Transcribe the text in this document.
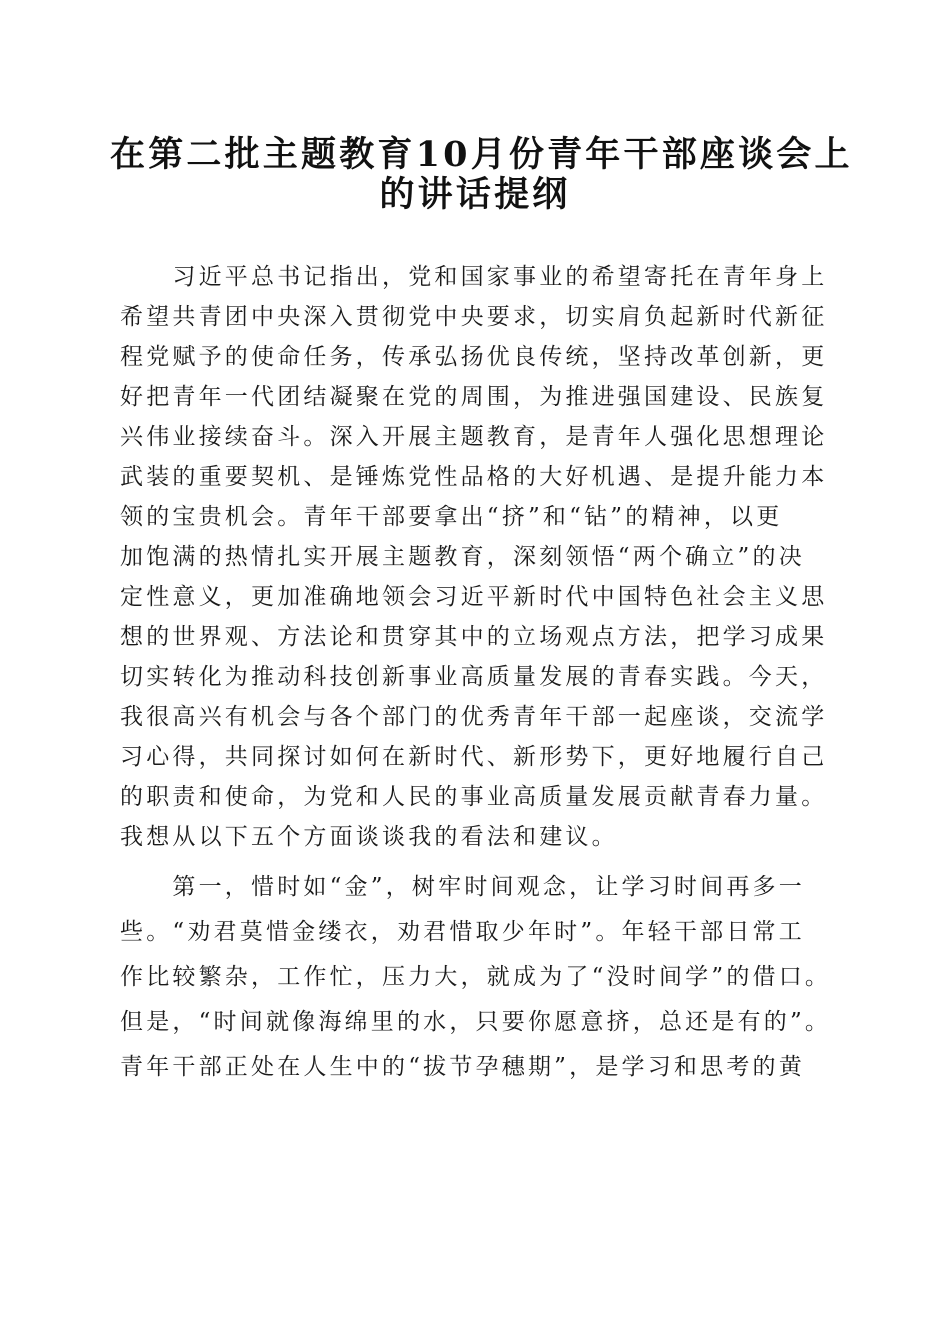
在第二批主题教育10月份青年干部座谈会上
的讲话提纲
　　习近平总书记指出，党和国家事业的希望寄托在青年身上
希望共青团中央深入贯彻党中央要求，切实肩负起新时代新征
程党赋予的使命任务，传承弘扬优良传统，坚持改革创新，更
好把青年一代团结凝聚在党的周围，为推进强国建设、民族复
兴伟业接续奋斗。深入开展主题教育，是青年人强化思想理论
武装的重要契机、是锤炼党性品格的大好机遇、是提升能力本
领的宝贵机会。青年干部要拿出“挤”和“钻”的精神，以更
加饱满的热情扎实开展主题教育，深刻领悟“两个确立”的决
定性意义，更加准确地领会习近平新时代中国特色社会主义思
想的世界观、方法论和贯穿其中的立场观点方法，把学习成果
切实转化为推动科技创新事业高质量发展的青春实践。今天，
我很高兴有机会与各个部门的优秀青年干部一起座谈，交流学
习心得，共同探讨如何在新时代、新形势下，更好地履行自己
的职责和使命，为党和人民的事业高质量发展贡献青春力量。
我想从以下五个方面谈谈我的看法和建议。
　　第一，惜时如“金”，树牢时间观念，让学习时间再多一
些。“劝君莫惜金缕衣，劝君惜取少年时”。年轻干部日常工
作比较繁杂，工作忙，压力大，就成为了“没时间学”的借口。
但是，“时间就像海绵里的水，只要你愿意挤，总还是有的”。
青年干部正处在人生中的“拔节孕穗期”，是学习和思考的黄
